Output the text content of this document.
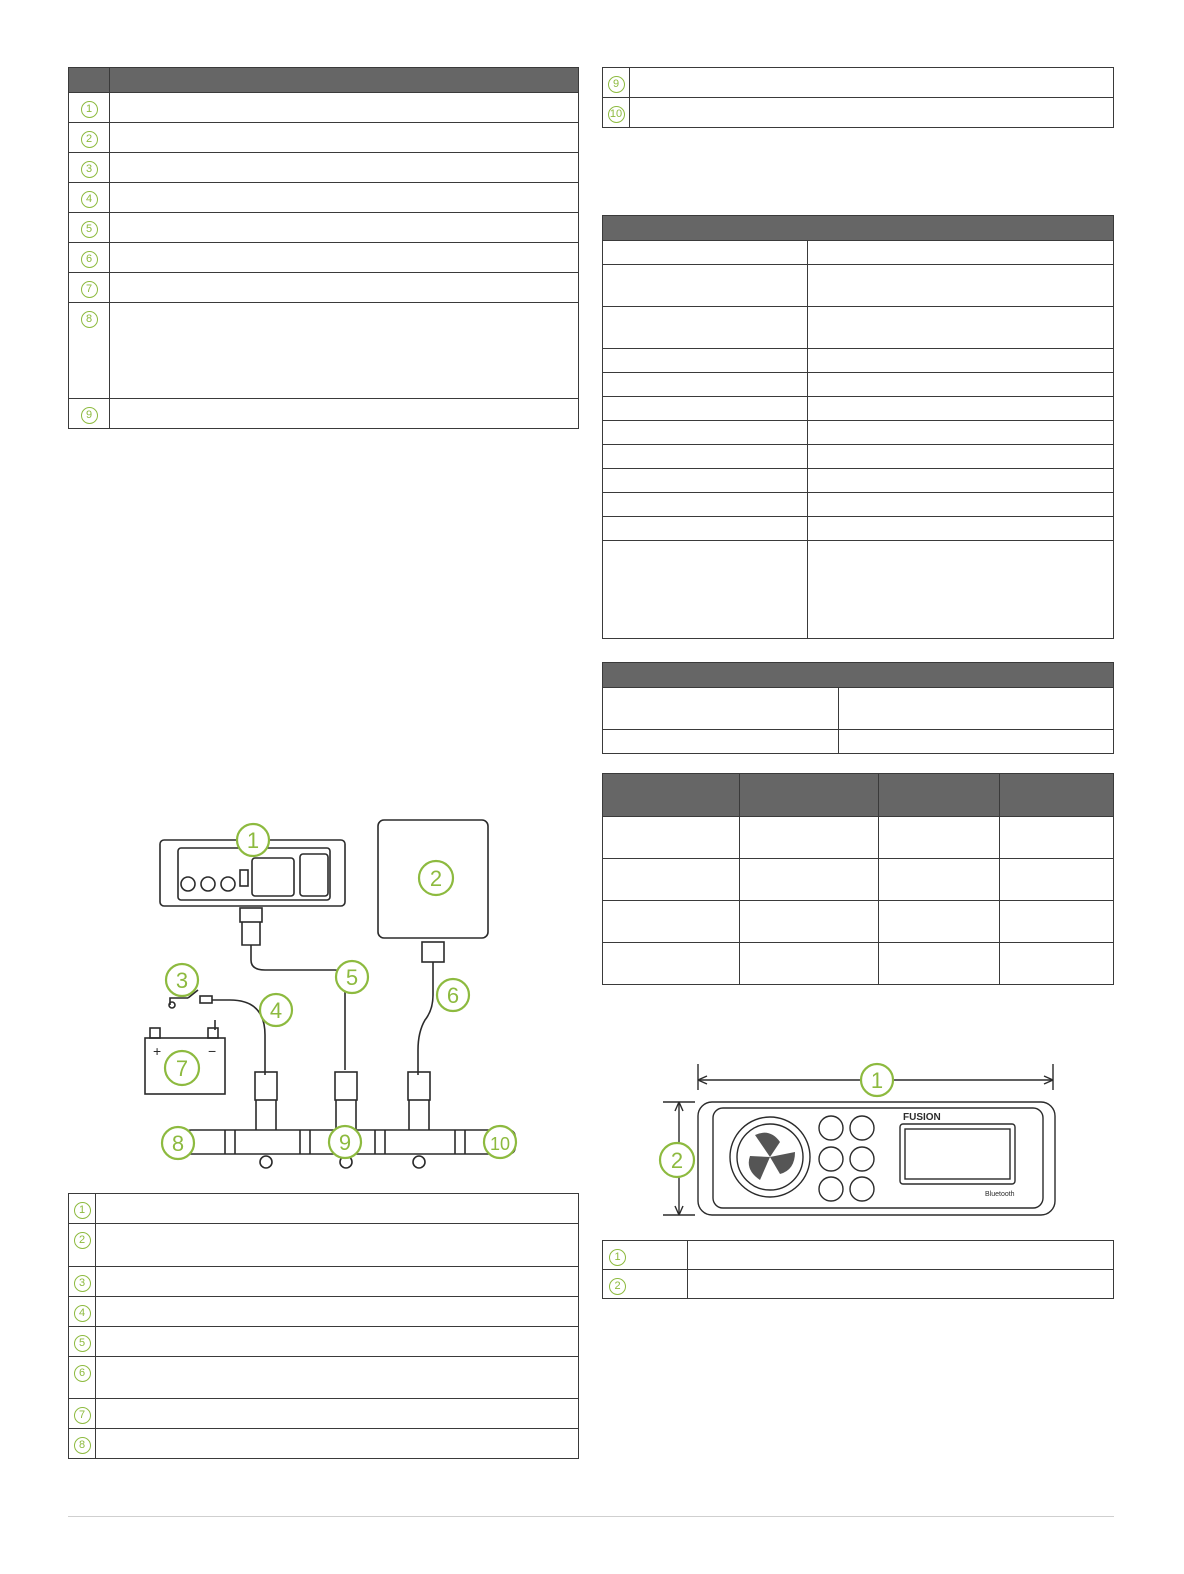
1	
2	
3	
4	
5	
6	
7	
8	
9	
9	
10	

+	−
1
2
3
4
5
6
7
8	9	10
1	
2	
3	
4	
5	
6	
7	
8	
FUSION
Bluetooth
1
2
1	
2	
